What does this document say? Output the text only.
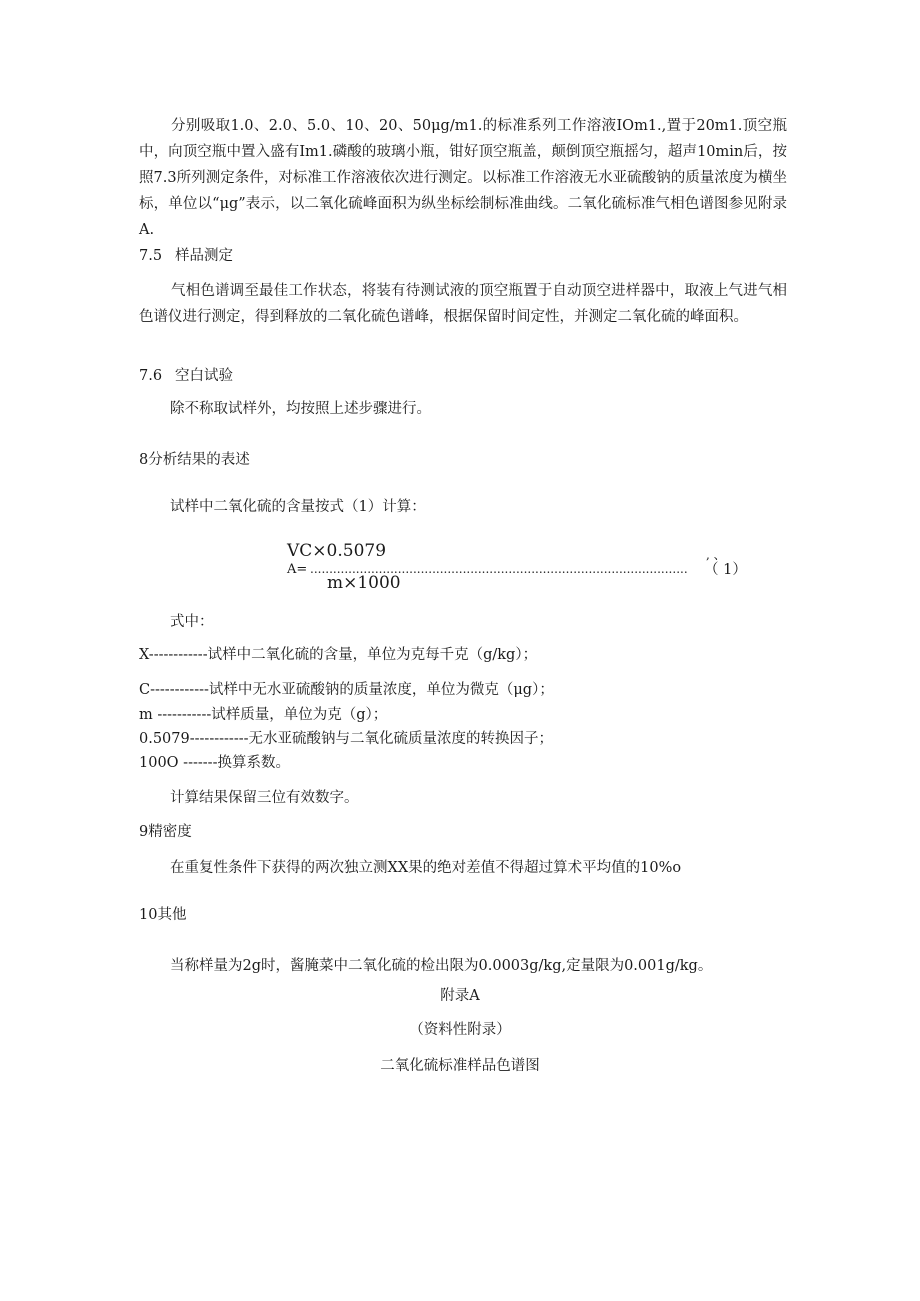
分别吸取1.0、2.0、5.0、10、20、50μg/m1.的标准系列工作溶液IOm1.,置于20m1.顶空瓶中，向顶空瓶中置入盛有Im1.磷酸的玻璃小瓶，钳好顶空瓶盖，颠倒顶空瓶摇匀，超声10min后，按照7.3所列测定条件，对标准工作溶液依次进行测定。以标准工作溶液无水亚硫酸钠的质量浓度为横坐标，单位以“μg”表示，以二氧化硫峰面积为纵坐标绘制标准曲线。二氧化硫标准气相色谱图参见附录A.

7.5 样品测定

气相色谱调至最佳工作状态，将装有待测试液的顶空瓶置于自动顶空进样器中，取液上气进气相色谱仪进行测定，得到释放的二氧化硫色谱峰，根据保留时间定性，并测定二氧化硫的峰面积。

7.6 空白试验
除不称取试样外，均按照上述步骤进行。
8分析结果的表述
试样中二氧化硫的含量按式（1）计算：
VC×0.5079
A= ...................................................................................................
m×1000
, 、
（ 1）
式中：
X------------试样中二氧化硫的含量，单位为克每千克（g/kg）；
C------------试样中无水亚硫酸钠的质量浓度，单位为微克（μg）；
m -----------试样质量，单位为克（g）；
0.5079------------无水亚硫酸钠与二氧化硫质量浓度的转换因子；
100O -------换算系数。
计算结果保留三位有效数字。
9精密度
在重复性条件下获得的两次独立测XX果的绝对差值不得超过算术平均值的10%o
10其他
当称样量为2g时，酱腌菜中二氧化硫的检出限为0.0003g/kg,定量限为0.001g/kg。
附录A
（资料性附录）
二氧化硫标准样品色谱图
